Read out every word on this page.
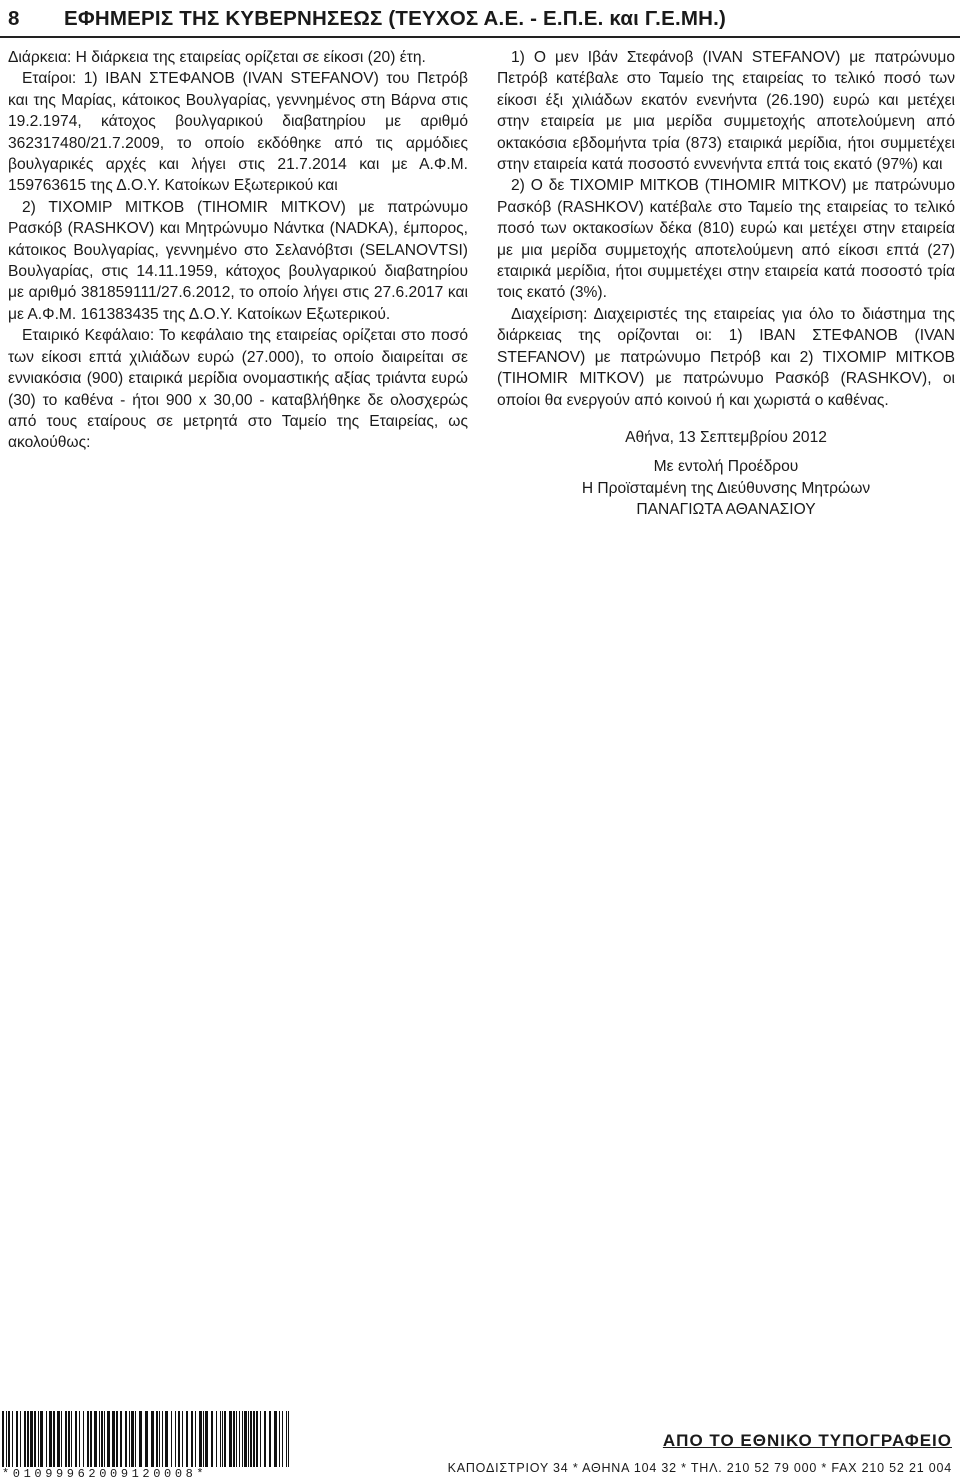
8 ΕΦΗΜΕΡΙΣ ΤΗΣ ΚΥΒΕΡΝΗΣΕΩΣ (ΤΕΥΧΟΣ Α.Ε. - Ε.Π.Ε. και Γ.Ε.ΜΗ.)

Διάρκεια: Η διάρκεια της εταιρείας ορίζεται σε είκοσι (20) έτη.

Εταίροι: 1) ΙΒΑΝ ΣΤΕΦΑΝΟΒ (IVAN STEFANOV) του Πετρόβ και της Μαρίας, κάτοικος Βουλγαρίας, γεννημένος στη Βάρνα στις 19.2.1974, κάτοχος βουλγαρικού διαβατηρίου με αριθμό 362317480/21.7.2009, το οποίο εκδόθηκε από τις αρμόδιες βουλγαρικές αρχές και λήγει στις 21.7.2014 και με Α.Φ.Μ. 159763615 της Δ.Ο.Υ. Κατοίκων Εξωτερικού και

2) ΤΙΧΟΜΙΡ ΜΙΤΚΟΒ (TIHOMIR MITKOV) με πατρώνυμο Ρασκόβ (RASHKOV) και Μητρώνυμο Νάντκα (NADKA), έμπορος, κάτοικος Βουλγαρίας, γεννημένο στο Σελανόβτσι (SELANOVTSI) Βουλγαρίας, στις 14.11.1959, κάτοχος βουλγαρικού διαβατηρίου με αριθμό 381859111/27.6.2012, το οποίο λήγει στις 27.6.2017 και με Α.Φ.Μ. 161383435 της Δ.Ο.Υ. Κατοίκων Εξωτερικού.

Εταιρικό Κεφάλαιο: Το κεφάλαιο της εταιρείας ορίζεται στο ποσό των είκοσι επτά χιλιάδων ευρώ (27.000), το οποίο διαιρείται σε εννιακόσια (900) εταιρικά μερίδια ονομαστικής αξίας τριάντα ευρώ (30) το καθένα - ήτοι 900 x 30,00 - καταβλήθηκε δε ολοσχερώς από τους εταίρους σε μετρητά στο Ταμείο της Εταιρείας, ως ακολούθως:

1) Ο μεν Ιβάν Στεφάνοβ (IVAN STEFANOV) με πατρώνυμο Πετρόβ κατέβαλε στο Ταμείο της εταιρείας το τελικό ποσό των είκοσι έξι χιλιάδων εκατόν ενενήντα (26.190) ευρώ και μετέχει στην εταιρεία με μια μερίδα συμμετοχής αποτελούμενη από οκτακόσια εβδομήντα τρία (873) εταιρικά μερίδια, ήτοι συμμετέχει στην εταιρεία κατά ποσοστό εννενήντα επτά τοις εκατό (97%) και

2) Ο δε ΤΙΧΟΜΙΡ ΜΙΤΚΟΒ (TIHOMIR MITKOV) με πατρώνυμο Ρασκόβ (RASHKOV) κατέβαλε στο Ταμείο της εταιρείας το τελικό ποσό των οκτακοσίων δέκα (810) ευρώ και μετέχει στην εταιρεία με μια μερίδα συμμετοχής αποτελούμενη από είκοσι επτά (27) εταιρικά μερίδια, ήτοι συμμετέχει στην εταιρεία κατά ποσοστό τρία τοις εκατό (3%).

Διαχείριση: Διαχειριστές της εταιρείας για όλο το διάστημα της διάρκειας της ορίζονται οι: 1) ΙΒΑΝ ΣΤΕΦΑΝΟΒ (IVAN STEFANOV) με πατρώνυμο Πετρόβ και 2) ΤΙΧΟΜΙΡ ΜΙΤΚΟΒ (TIHOMIR MITKOV) με πατρώνυμο Ρασκόβ (RASHKOV), οι οποίοι θα ενεργούν από κοινού ή και χωριστά ο καθένας.

Αθήνα, 13 Σεπτεμβρίου 2012
Με εντολή Προέδρου
Η Προϊσταμένη της Διεύθυνσης Μητρώων
ΠΑΝΑΓΙΩΤΑ ΑΘΑΝΑΣΙΟΥ
*01099962009120008*
ΑΠΟ ΤΟ ΕΘΝΙΚΟ ΤΥΠΟΓΡΑΦΕΙΟ
ΚΑΠΟΔΙΣΤΡΙΟΥ 34 * ΑΘΗΝΑ 104 32 * ΤΗΛ. 210 52 79 000 * FAX 210 52 21 004
